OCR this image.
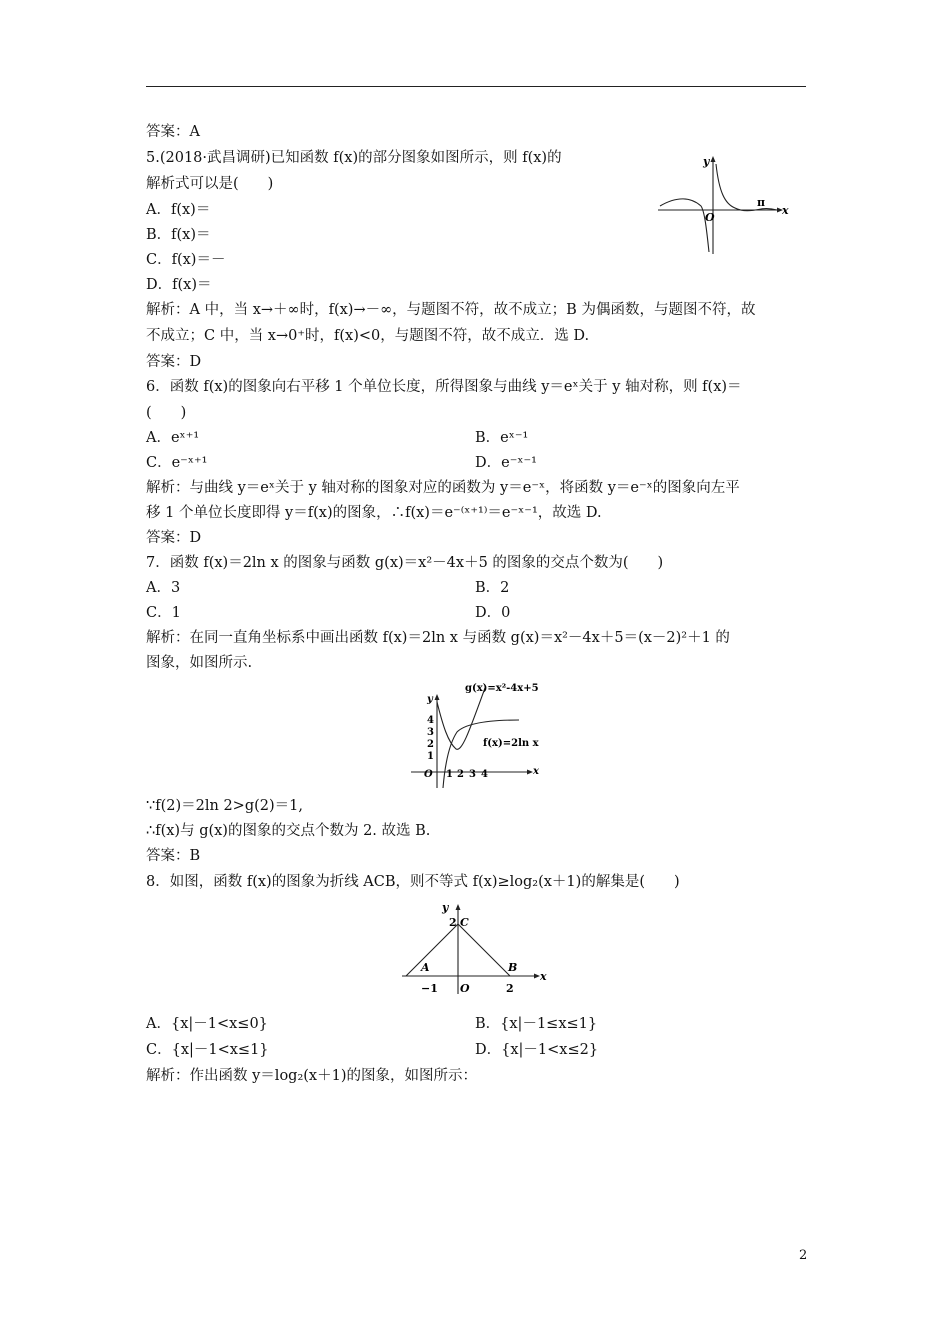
答案：A
5.(2018·武昌调研)已知函数 f(x)的部分图象如图所示，则 f(x)的
解析式可以是(　　)
A．f(x)＝
B．f(x)＝
C．f(x)＝－
D．f(x)＝
解析：A 中，当 x→＋∞时，f(x)→－∞，与题图不符，故不成立；B 为偶函数，与题图不符，故
不成立；C 中，当 x→0⁺时，f(x)<0，与题图不符，故不成立．选 D.
答案：D
6．函数 f(x)的图象向右平移 1 个单位长度，所得图象与曲线 y＝eˣ关于 y 轴对称，则 f(x)＝
(　　)
A．eˣ⁺¹	B．eˣ⁻¹
C．e⁻ˣ⁺¹	D．e⁻ˣ⁻¹
解析：与曲线 y＝eˣ关于 y 轴对称的图象对应的函数为 y＝e⁻ˣ，将函数 y＝e⁻ˣ的图象向左平
移 1 个单位长度即得 y＝f(x)的图象，∴f(x)＝e⁻⁽ˣ⁺¹⁾＝e⁻ˣ⁻¹，故选 D.
答案：D
7．函数 f(x)＝2ln x 的图象与函数 g(x)＝x²－4x＋5 的图象的交点个数为(　　)
A．3	B．2
C．1	D．0
解析：在同一直角坐标系中画出函数 f(x)＝2ln x 与函数 g(x)＝x²－4x＋5＝(x－2)²＋1 的
图象，如图所示.
∵f(2)＝2ln 2>g(2)＝1,
∴f(x)与 g(x)的图象的交点个数为 2. 故选 B.
答案：B
8．如图，函数 f(x)的图象为折线 ACB，则不等式 f(x)≥log₂(x＋1)的解集是(　　)
A．{x|－1<x≤0}	B．{x|－1≤x≤1}
C．{x|－1<x≤1}	D．{x|－1<x≤2}
解析：作出函数 y＝log₂(x＋1)的图象，如图所示：
y
x
O
π
y
x
O
4
3
2
1
1 2 3 4
g(x)=x²-4x+5
f(x)=2ln x
y
x
O
2 C
A	B
−1	2
2
